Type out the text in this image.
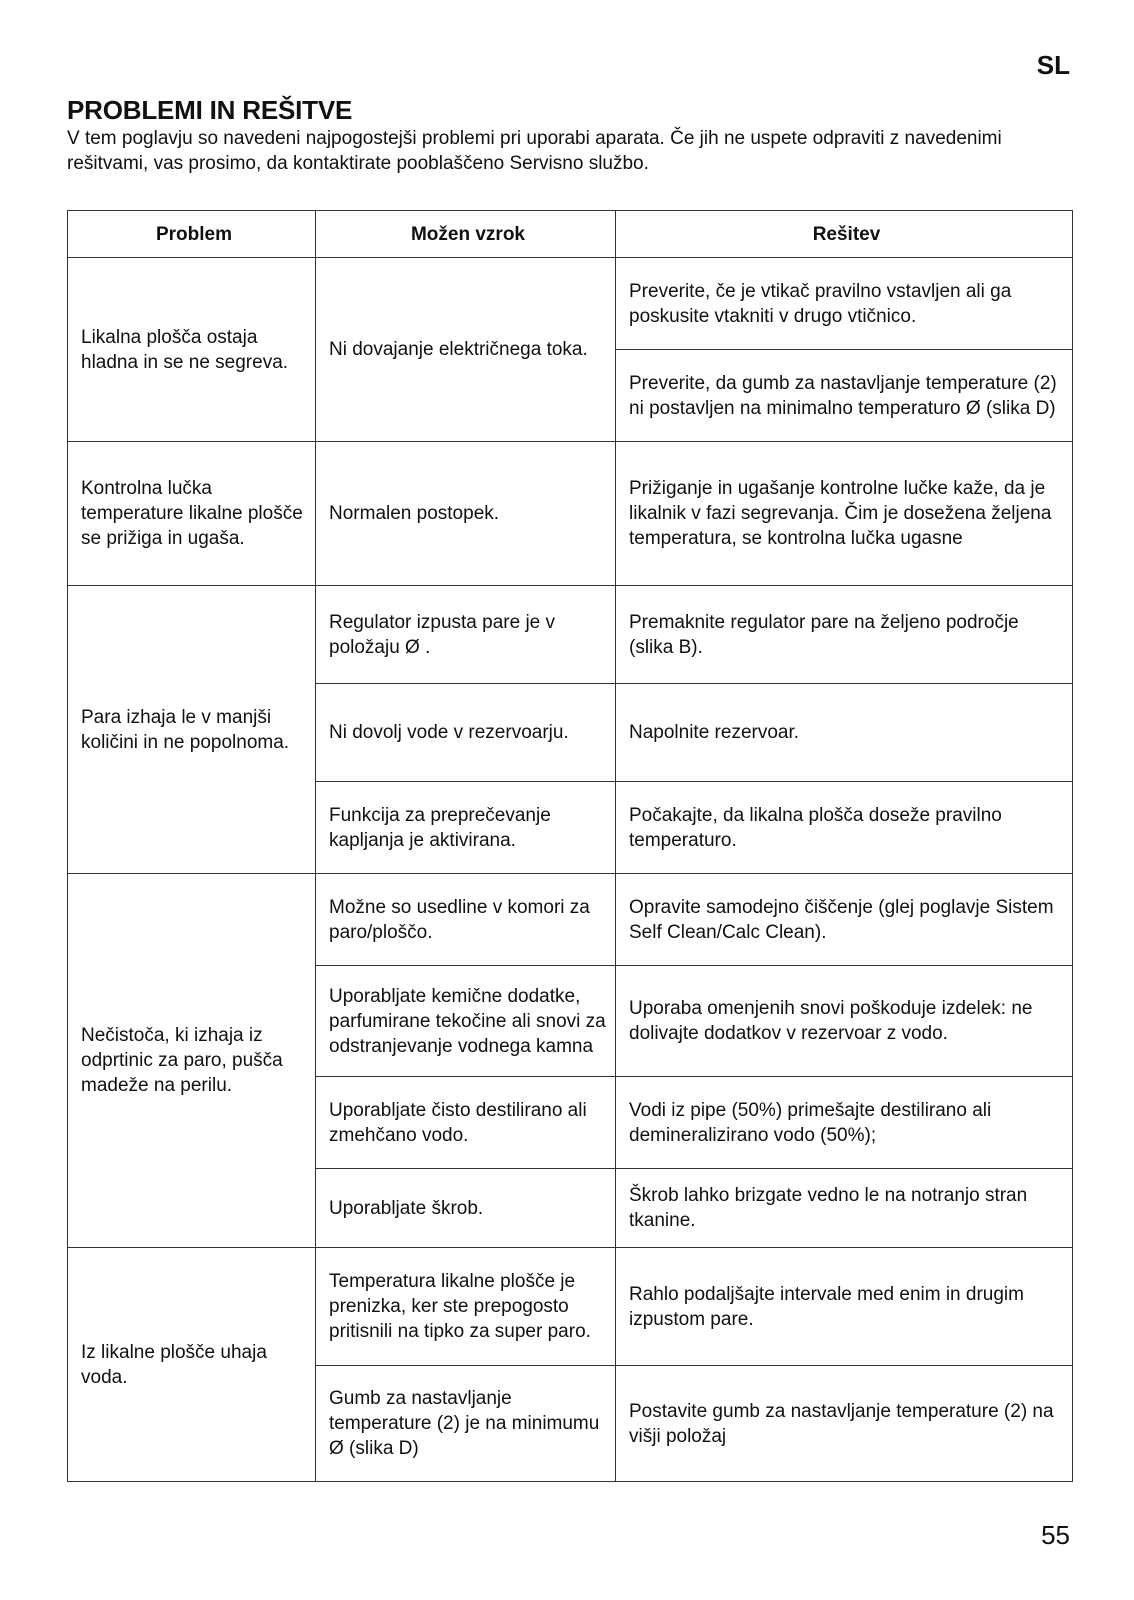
SL
PROBLEMI IN REŠITVE

V tem poglavju so navedeni najpogostejši problemi pri uporabi aparata. Če jih ne uspete odpraviti z navedenimi rešitvami, vas prosimo, da kontaktirate pooblaščeno Servisno službo.

Problem	Možen vzrok	Rešitev
Likalna plošča ostaja hladna in se ne segreva.	Ni dovajanje električnega toka.	Preverite, če je vtikač pravilno vstavljen ali ga poskusite vtakniti v drugo vtičnico.
		Preverite, da gumb za nastavljanje temperature (2) ni postavljen na minimalno temperaturo Ø (slika D)
Kontrolna lučka temperature likalne plošče se prižiga in ugaša.	Normalen postopek.	Prižiganje in ugašanje kontrolne lučke kaže, da je likalnik v fazi segrevanja. Čim je dosežena željena temperatura, se kontrolna lučka ugasne
Para izhaja le v manjši količini in ne popolnoma.	Regulator izpusta pare je v položaju Ø .	Premaknite regulator pare na željeno področje (slika B).
	Ni dovolj vode v rezervoarju.	Napolnite rezervoar.
	Funkcija za preprečevanje kapljanja je aktivirana.	Počakajte, da likalna plošča doseže pravilno temperaturo.
Nečistoča, ki izhaja iz odprtinic za paro, pušča madeže na perilu.	Možne so usedline v komori za paro/ploščo.	Opravite samodejno čiščenje (glej poglavje Sistem Self Clean/Calc Clean).
	Uporabljate kemične dodatke, parfumirane tekočine ali snovi za odstranjevanje vodnega kamna	Uporaba omenjenih snovi poškoduje izdelek: ne dolivajte dodatkov v rezervoar z vodo.
	Uporabljate čisto destilirano ali zmehčano vodo.	Vodi iz pipe (50%) primešajte destilirano ali demineralizirano vodo (50%);
	Uporabljate škrob.	Škrob lahko brizgate vedno le na notranjo stran tkanine.
Iz likalne plošče uhaja voda.	Temperatura likalne plošče je prenizka, ker ste prepogosto pritisnili na tipko za super paro.	Rahlo podaljšajte intervale med enim in drugim izpustom pare.
	Gumb za nastavljanje temperature (2) je na minimumu Ø (slika D)	Postavite gumb za nastavljanje temperature (2) na višji položaj
55
